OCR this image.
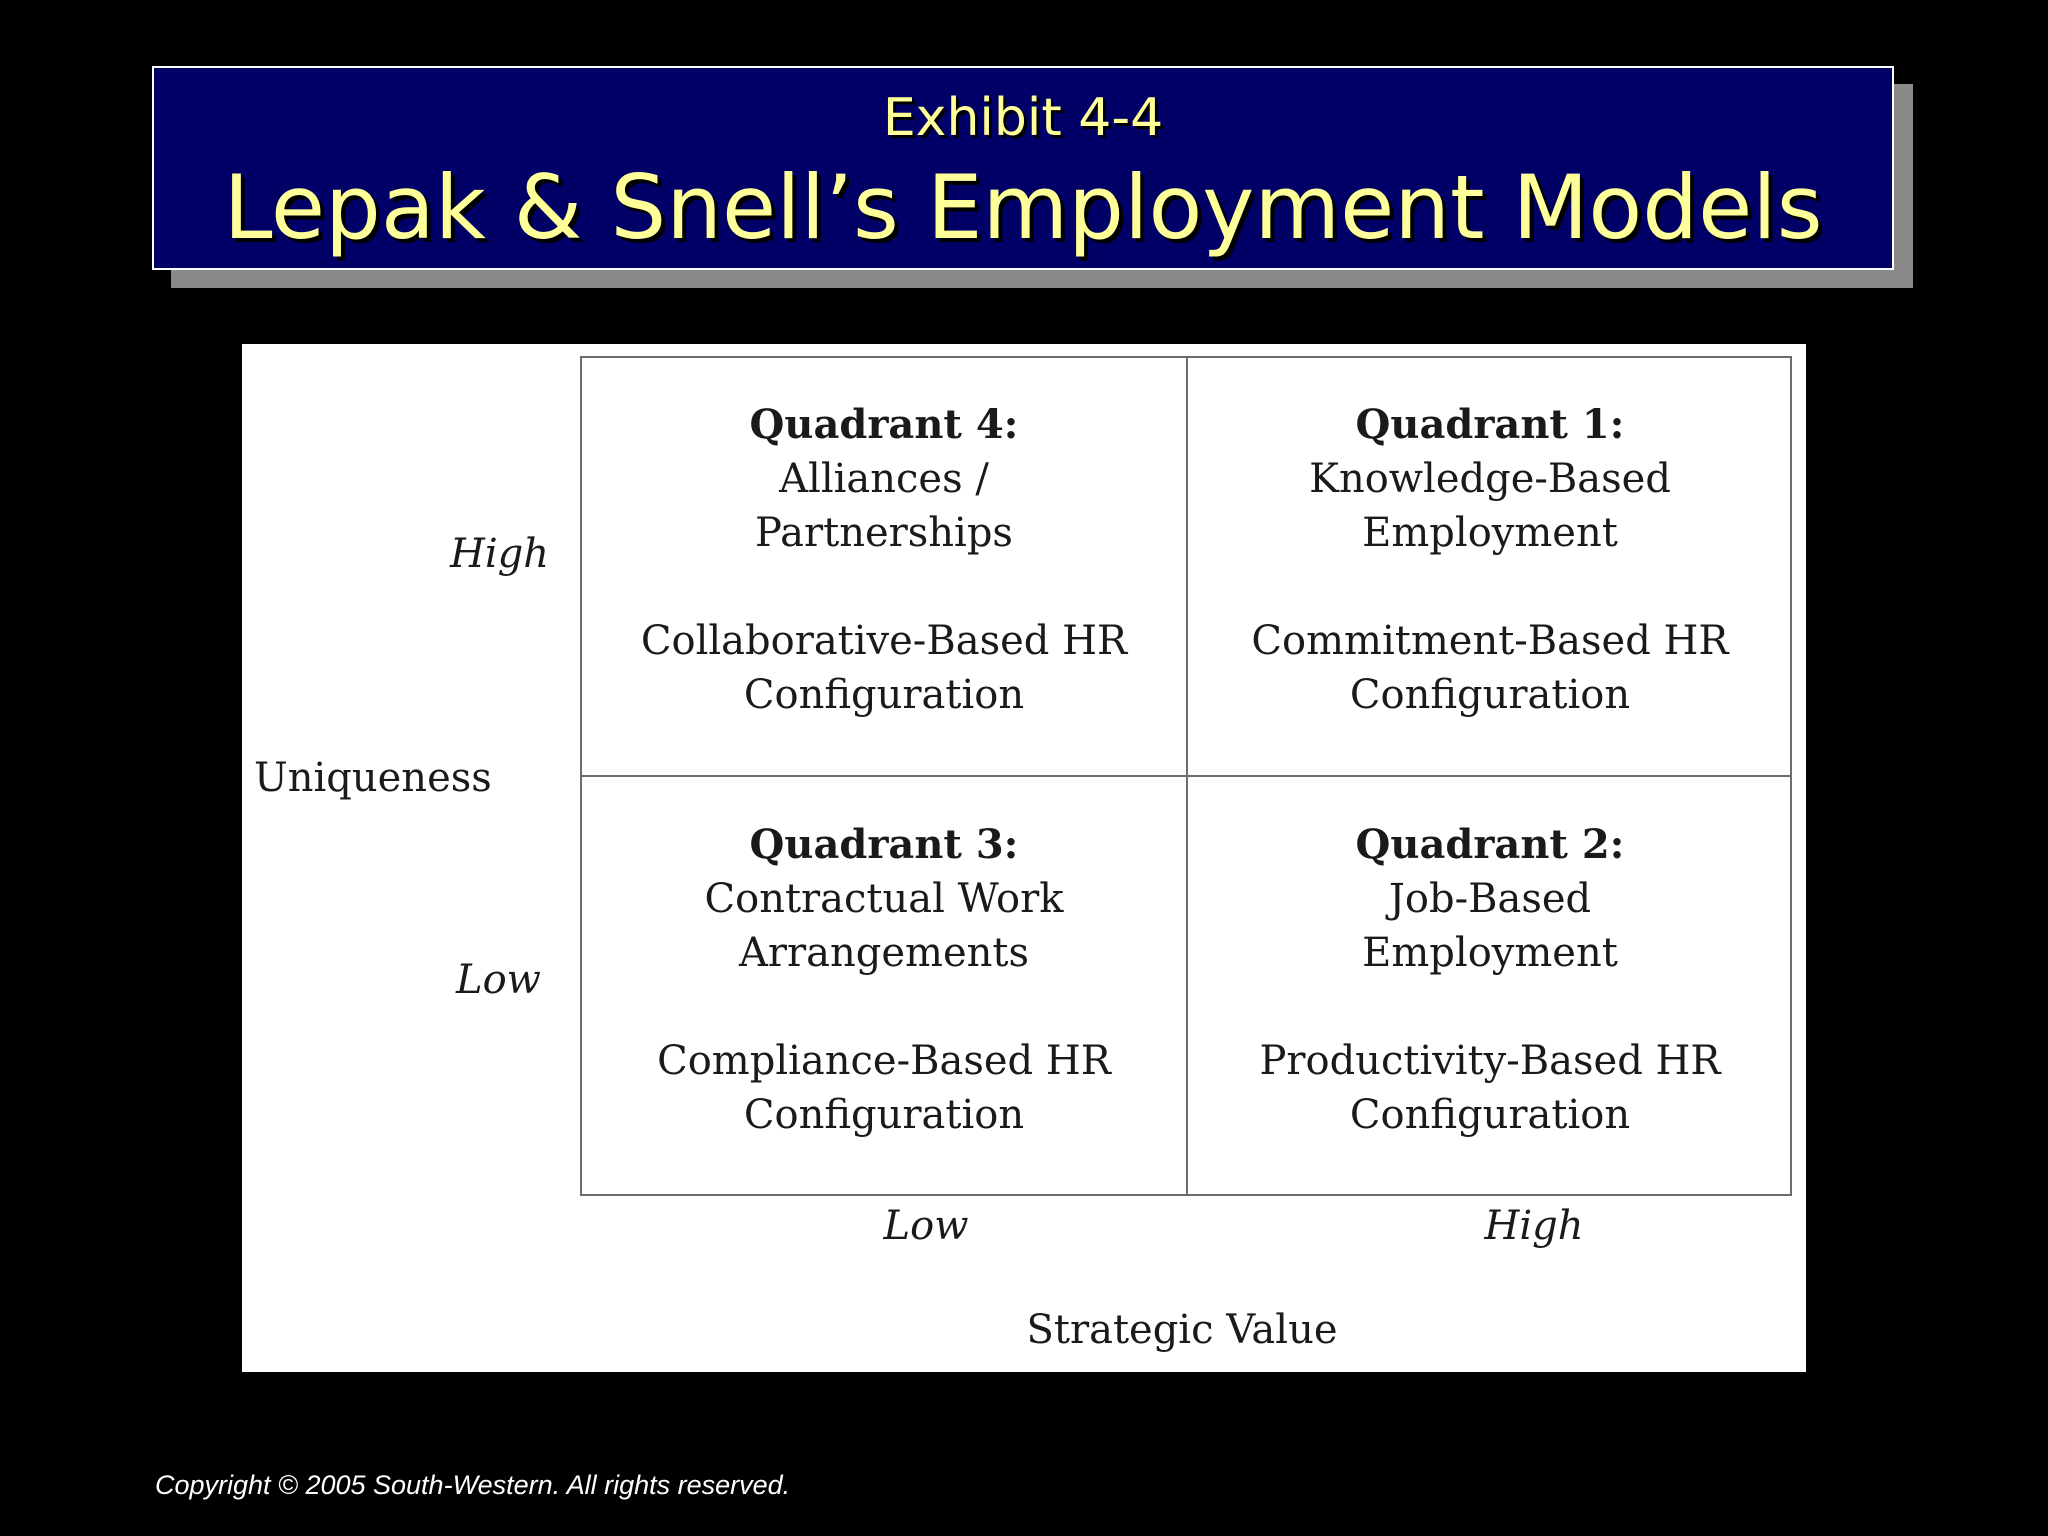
Exhibit 4-4
Lepak & Snell’s Employment Models
High
Uniqueness
Low
Quadrant 4:
Alliances /
Partnerships
Collaborative-Based HR
Configuration
Quadrant 1:
Knowledge-Based
Employment
Commitment-Based HR
Configuration
Quadrant 3:
Contractual Work
Arrangements
Compliance-Based HR
Configuration
Quadrant 2:
Job-Based
Employment
Productivity-Based HR
Configuration
Low	High
Strategic Value
Copyright © 2005 South-Western. All rights reserved.
